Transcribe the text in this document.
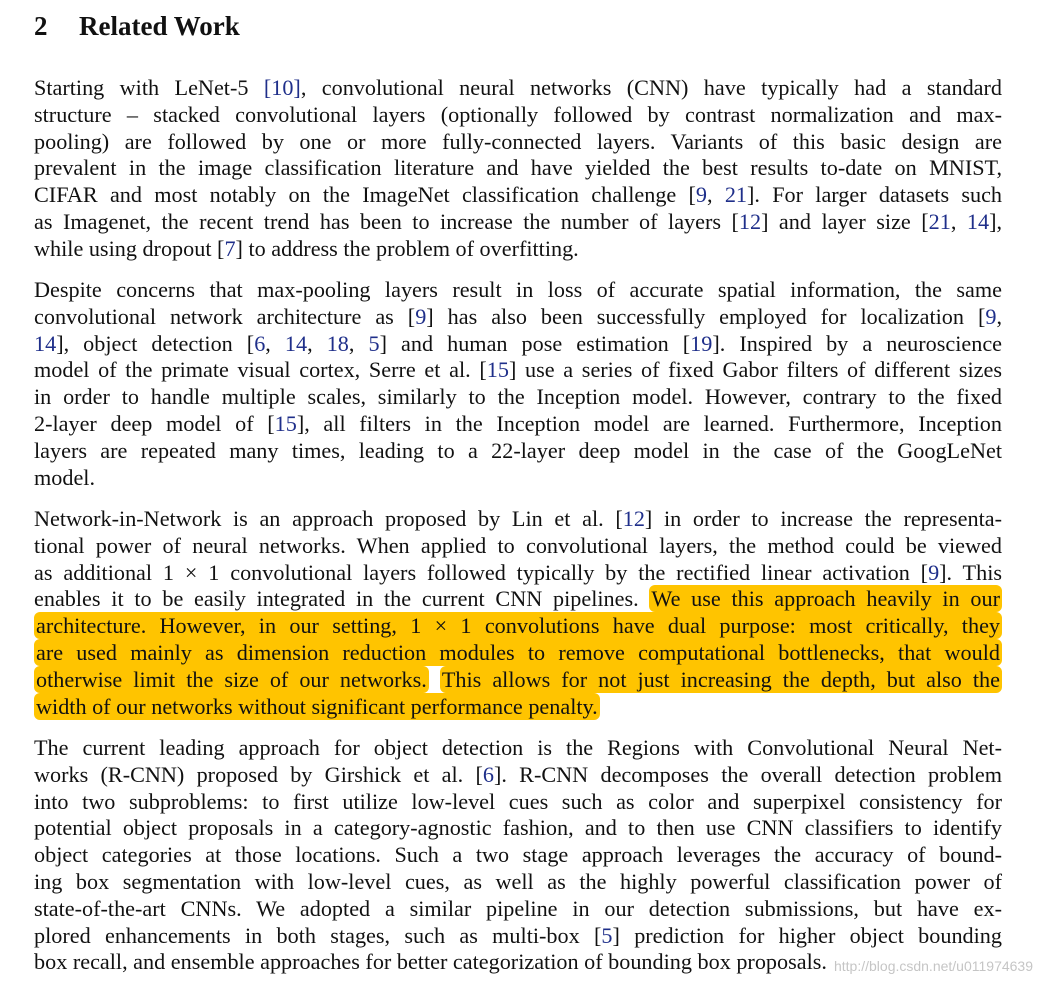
2 Related Work

Starting with LeNet-5 [10], convolutional neural networks (CNN) have typically had a standard
structure – stacked convolutional layers (optionally followed by contrast normalization and max-
pooling) are followed by one or more fully-connected layers. Variants of this basic design are
prevalent in the image classification literature and have yielded the best results to-date on MNIST,
CIFAR and most notably on the ImageNet classification challenge [9, 21]. For larger datasets such
as Imagenet, the recent trend has been to increase the number of layers [12] and layer size [21, 14],
while using dropout [7] to address the problem of overfitting.

Despite concerns that max-pooling layers result in loss of accurate spatial information, the same
convolutional network architecture as [9] has also been successfully employed for localization [9,
14], object detection [6, 14, 18, 5] and human pose estimation [19]. Inspired by a neuroscience
model of the primate visual cortex, Serre et al. [15] use a series of fixed Gabor filters of different sizes
in order to handle multiple scales, similarly to the Inception model. However, contrary to the fixed
2-layer deep model of [15], all filters in the Inception model are learned. Furthermore, Inception
layers are repeated many times, leading to a 22-layer deep model in the case of the GoogLeNet
model.

Network-in-Network is an approach proposed by Lin et al. [12] in order to increase the representa-
tional power of neural networks. When applied to convolutional layers, the method could be viewed
as additional 1 × 1 convolutional layers followed typically by the rectified linear activation [9]. This
enables it to be easily integrated in the current CNN pipelines. We use this approach heavily in our
architecture. However, in our setting, 1 × 1 convolutions have dual purpose: most critically, they
are used mainly as dimension reduction modules to remove computational bottlenecks, that would
otherwise limit the size of our networks. This allows for not just increasing the depth, but also the
width of our networks without significant performance penalty.

The current leading approach for object detection is the Regions with Convolutional Neural Net-
works (R-CNN) proposed by Girshick et al. [6]. R-CNN decomposes the overall detection problem
into two subproblems: to first utilize low-level cues such as color and superpixel consistency for
potential object proposals in a category-agnostic fashion, and to then use CNN classifiers to identify
object categories at those locations. Such a two stage approach leverages the accuracy of bound-
ing box segmentation with low-level cues, as well as the highly powerful classification power of
state-of-the-art CNNs. We adopted a similar pipeline in our detection submissions, but have ex-
plored enhancements in both stages, such as multi-box [5] prediction for higher object bounding
box recall, and ensemble approaches for better categorization of bounding box proposals. http://blog.csdn.net/u011974639
